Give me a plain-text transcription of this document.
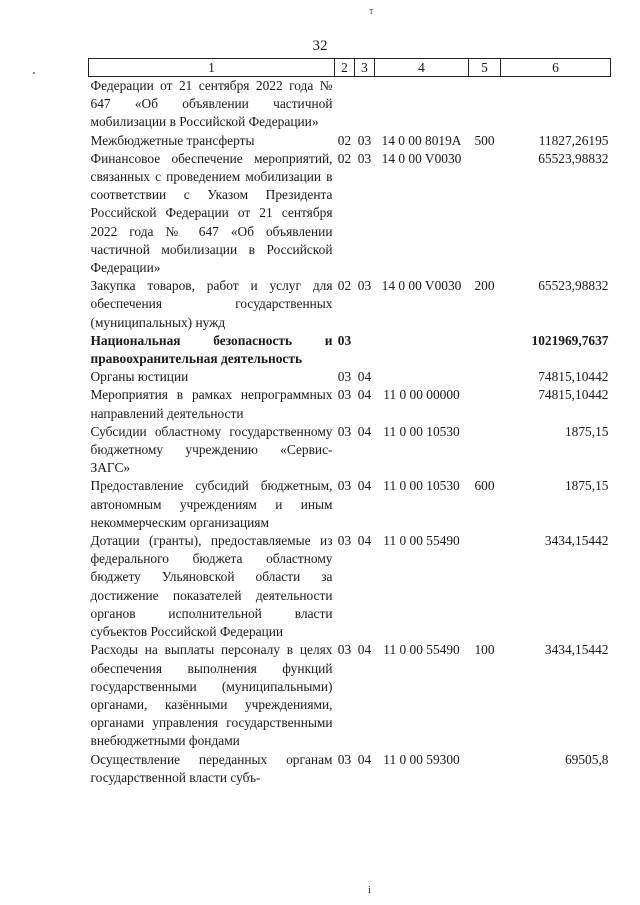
т
32
1	2	3	4	5	6
Федерации от 21 сентября 2022 года № 647 «Об объявлении частичной мобилизации в Российской Федерации»					
Межбюджетные трансферты	02	03	14 0 00 8019А	500	11827,26195
Финансовое обеспечение мероприятий, связанных с проведением мобилизации в соответствии с Указом Президента Российской Федерации от 21 сентября 2022 года № 647 «Об объявлении частичной мобилизации в Российской Федерации»	02	03	14 0 00 V0030		65523,98832
Закупка товаров, работ и услуг для обеспечения государственных (муниципальных) нужд	02	03	14 0 00 V0030	200	65523,98832
Национальная безопасность и правоохранительная деятельность	03				1021969,7637
Органы юстиции	03	04			74815,10442
Мероприятия в рамках непрограммных направлений деятельности	03	04	11 0 00 00000		74815,10442
Субсидии областному государственному бюджетному учреждению «Сервис-ЗАГС»	03	04	11 0 00 10530		1875,15
Предоставление субсидий бюджетным, автономным учреждениям и иным некоммерческим организациям	03	04	11 0 00 10530	600	1875,15
Дотации (гранты), предоставляемые из федерального бюджета областному бюджету Ульяновской области за достижение показателей деятельности органов исполнительной власти субъектов Российской Федерации	03	04	11 0 00 55490		3434,15442
Расходы на выплаты персоналу в целях обеспечения выполнения функций государственными (муниципальными) органами, казёнными учреждениями, органами управления государственными внебюджетными фондами	03	04	11 0 00 55490	100	3434,15442
Осуществление переданных органам государственной власти субъ-	03	04	11 0 00 59300		69505,8
i
